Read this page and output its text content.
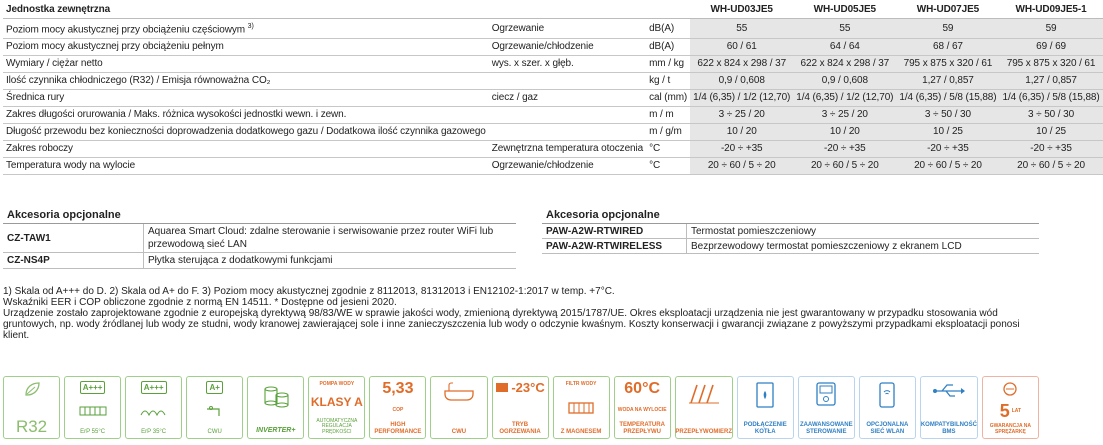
Jednostka zewnętrzna			WH-UD03JE5		WH-UD05JE5		WH-UD07JE5		WH-UD09JE5-1
Poziom mocy akustycznej przy obciążeniu częściowym $^{3)}$	Ogrzewanie	dB(A)	55		55		59		59
Poziom mocy akustycznej przy obciążeniu pełnym	Ogrzewanie/chłodzenie	dB(A)	60 / 61		64 / 64		68 / 67		69 / 69
Wymiary / ciężar netto	wys. x szer. x głęb.	mm / kg	622 x 824 x 298 / 37		622 x 824 x 298 / 37		795 x 875 x 320 / 61		795 x 875 x 320 / 61
Ilość czynnika chłodniczego (R32) / Emisja równoważna CO₂		kg / t	0,9 / 0,608		0,9 / 0,608		1,27 / 0,857		1,27 / 0,857
Średnica rury	ciecz / gaz	cal (mm)	1/4 (6,35) / 1/2 (12,70)		1/4 (6,35) / 1/2 (12,70)		1/4 (6,35) / 5/8 (15,88)		1/4 (6,35) / 5/8 (15,88)
Zakres długości orurowania / Maks. różnica wysokości jednostki wewn. i zewn.		m / m	3 ÷ 25 / 20		3 ÷ 25 / 20		3 ÷ 50 / 30		3 ÷ 50 / 30
Długość przewodu bez konieczności doprowadzenia dodatkowego gazu / Dodatkowa ilość czynnika gazowego		m / g/m	10 / 20		10 / 20		10 / 25		10 / 25
Zakres roboczy	Zewnętrzna temperatura otoczenia	°C	-20 ÷ +35		-20 ÷ +35		-20 ÷ +35		-20 ÷ +35
Temperatura wody na wylocie	Ogrzewanie/chłodzenie	°C	20 ÷ 60 / 5 ÷ 20		20 ÷ 60 / 5 ÷ 20		20 ÷ 60 / 5 ÷ 20		20 ÷ 60 / 5 ÷ 20
Akcesoria opcjonalne	
CZ-TAW1	Aquarea Smart Cloud: zdalne sterowanie i serwisowanie przez router WiFi lub przewodową sieć LAN
CZ-NS4P	Płytka sterująca z dodatkowymi funkcjami
Akcesoria opcjonalne	
PAW-A2W-RTWIRED	Termostat pomieszczeniowy
PAW-A2W-RTWIRELESS	Bezprzewodowy termostat pomieszczeniowy z ekranem LCD

1) Skala od A+++ do D. 2) Skala od A+ do F. 3) Poziom mocy akustycznej zgodnie z 8112013, 81312013 i EN12102-1:2017 w temp. +7°C.

Wskaźniki EER i COP obliczone zgodnie z normą EN 14511. * Dostępne od jesieni 2020.

Urządzenie zostało zaprojektowane zgodnie z europejską dyrektywą 98/83/WE w sprawie jakości wody, zmienioną dyrektywą 2015/1787/UE. Okres eksploatacji urządzenia nie jest gwarantowany w przypadku stosowania wód gruntowych, np. wody źródlanej lub wody ze studni, wody kranowej zawierającej sole i inne zanieczyszczenia lub wody o odczynie kwaśnym. Koszty konserwacji i gwarancji związane z powyższymi przypadkami eksploatacji ponosi klient.

R32
A+++
ErP 55°C
A+++
ErP 35°C
A+
CWU	INVERTER+
POMPA WODY
KLASY A
AUTOMATYCZNA REGULACJA PRĘDKOŚCI
5,33
COP
HIGH PERFORMANCE	CWU
-23°C
TRYB OGRZEWANIA
FILTR WODY
Z MAGNESEM
60°C
WODA NA WYLOCIE
TEMPERATURA PRZEPŁYWU	PRZEPŁYWOMIERZ
PODŁĄCZENIE KOTŁA
ZAAWANSOWANE STEROWANIE
OPCJONALNA SIEĆ WLAN
KOMPATYBILNOŚĆ BMS
5 LAT
GWARANCJA NA SPRĘŻARKĘ
